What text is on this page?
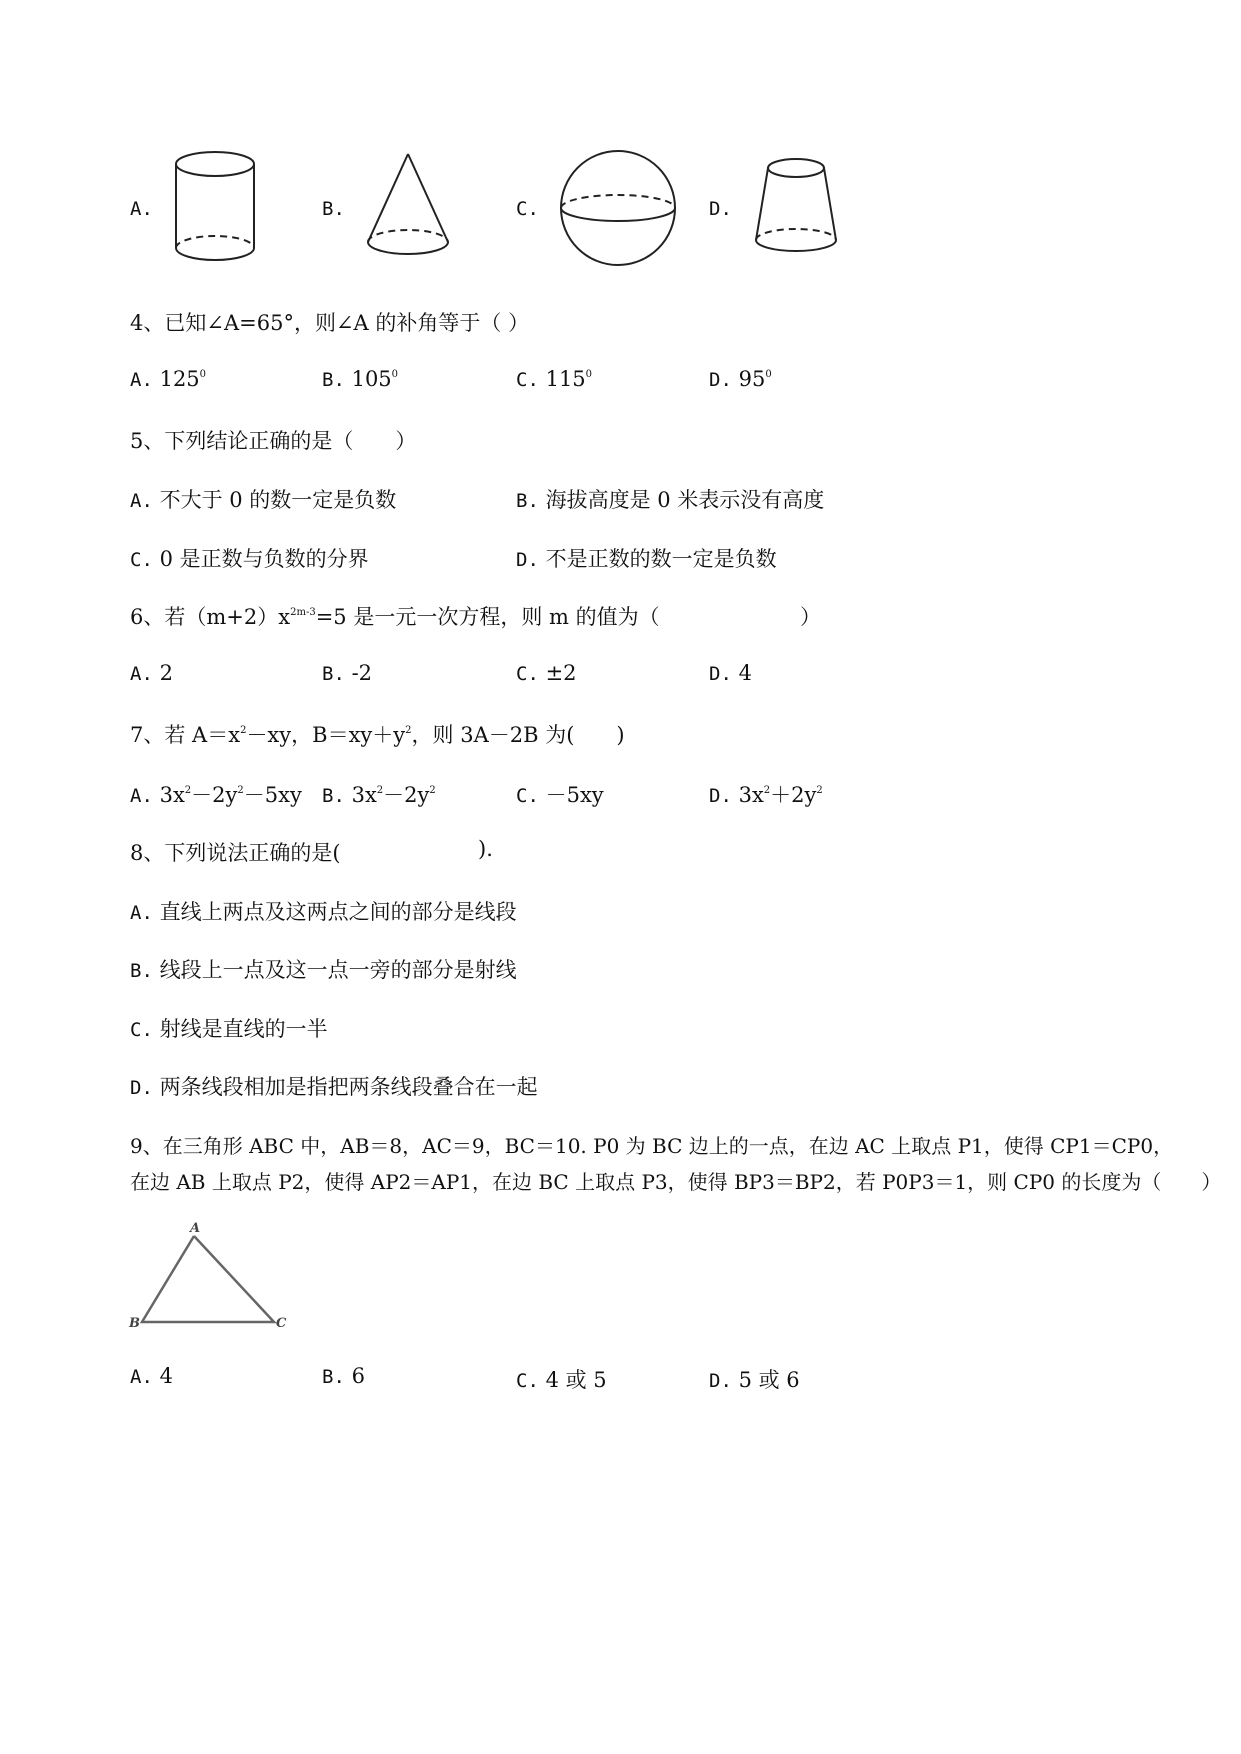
A.	B.	C.	D.
4、已知∠A=65°，则∠A 的补角等于（ ）
A. $125^0$	B. $105^0$	C. $115^0$	D. $95^0$
5、下列结论正确的是（　　）
A. 不大于 0 的数一定是负数	B. 海拔高度是 0 米表示没有高度
C. 0 是正数与负数的分界	D. 不是正数的数一定是负数
6、若$(m+2)x^{2m-3}=5$ 是一元一次方程，则 m 的值为（	）
A. 2	B. -2	C. ±2	D. 4
7、若 $A=x^2-xy$，$B=xy+y^2$，则 3A－2B 为(　　)
A. $3x^2-2y^2-5xy$ B. $3x^2-2y^2$	C. －5xy	D. $3x^2+2y^2$
8、下列说法正确的是(	).
A. 直线上两点及这两点之间的部分是线段
B. 线段上一点及这一点一旁的部分是射线
C. 射线是直线的一半
D. 两条线段相加是指把两条线段叠合在一起
9、在三角形 ABC 中，AB＝8，AC＝9，BC＝10. P0 为 BC 边上的一点，在边 AC 上取点 P1，使得 CP1＝CP0，
在边 AB 上取点 P2，使得 AP2＝AP1，在边 BC 上取点 P3，使得 BP3＝BP2，若 P0P3＝1，则 CP0 的长度为（　　）
A
B	C
A. 4	B. 6	C. 4 或 5	D. 5 或 6
